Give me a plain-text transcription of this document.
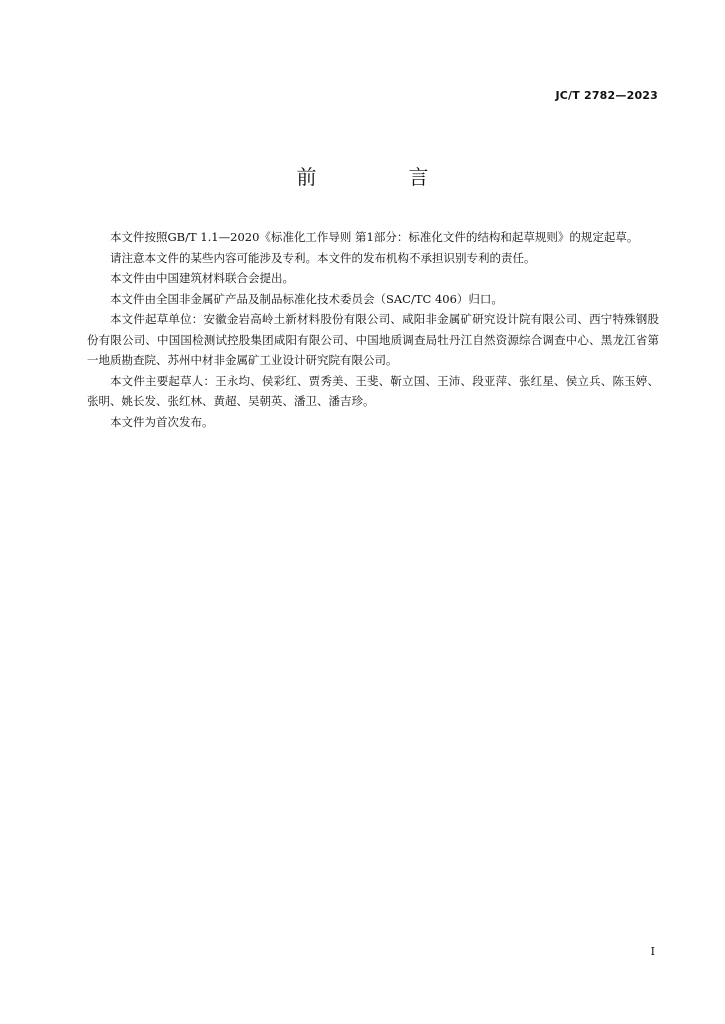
JC/T 2782—2023
前　言

本文件按照GB/T 1.1—2020《标准化工作导则 第1部分：标准化文件的结构和起草规则》的规定起草。

请注意本文件的某些内容可能涉及专利。本文件的发布机构不承担识别专利的责任。

本文件由中国建筑材料联合会提出。

本文件由全国非金属矿产品及制品标准化技术委员会（SAC/TC 406）归口。

本文件起草单位：安徽金岩高岭土新材料股份有限公司、咸阳非金属矿研究设计院有限公司、西宁特殊钢股份有限公司、中国国检测试控股集团咸阳有限公司、中国地质调查局牡丹江自然资源综合调查中心、黑龙江省第一地质勘查院、苏州中材非金属矿工业设计研究院有限公司。

本文件主要起草人：王永均、侯彩红、贾秀美、王斐、靳立国、王沛、段亚萍、张红星、侯立兵、陈玉婷、张明、姚长发、张红林、黄超、吴朝英、潘卫、潘吉珍。

本文件为首次发布。

I
